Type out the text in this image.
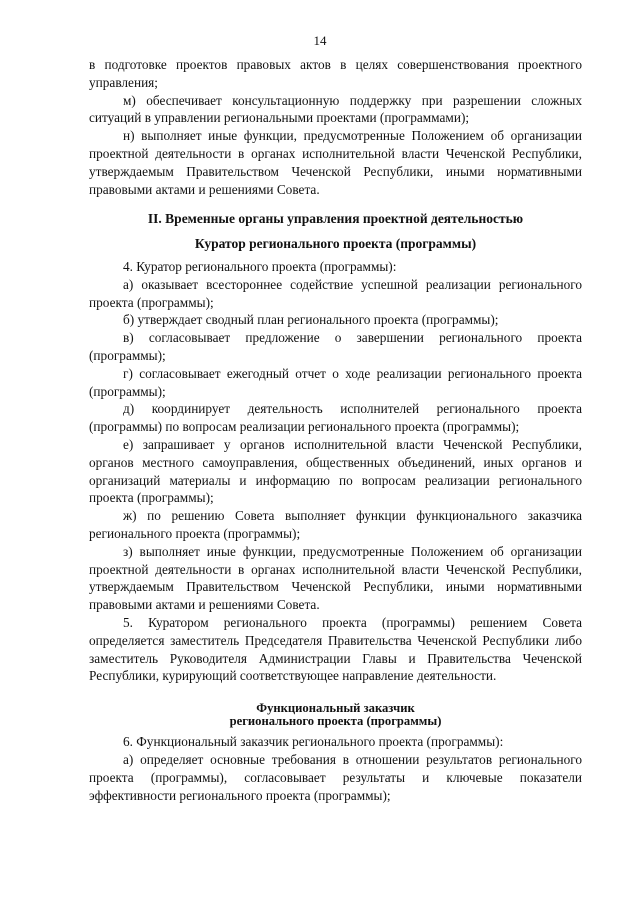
14

в подготовке проектов правовых актов в целях совершенствования проектного управления;

м) обеспечивает консультационную поддержку при разрешении сложных ситуаций в управлении региональными проектами (программами);

н) выполняет иные функции, предусмотренные Положением об организации проектной деятельности в органах исполнительной власти Чеченской Республики, утверждаемым Правительством Чеченской Республики, иными нормативными правовыми актами и решениями Совета.

II. Временные органы управления проектной деятельностью
Куратор регионального проекта (программы)

4. Куратор регионального проекта (программы):

а) оказывает всестороннее содействие успешной реализации регионального проекта (программы);

б) утверждает сводный план регионального проекта (программы);

в) согласовывает предложение о завершении регионального проекта (программы);

г) согласовывает ежегодный отчет о ходе реализации регионального проекта (программы);

д) координирует деятельность исполнителей регионального проекта (программы) по вопросам реализации регионального проекта (программы);

е) запрашивает у органов исполнительной власти Чеченской Республики, органов местного самоуправления, общественных объединений, иных органов и организаций материалы и информацию по вопросам реализации регионального проекта (программы);

ж) по решению Совета выполняет функции функционального заказчика регионального проекта (программы);

з) выполняет иные функции, предусмотренные Положением об организации проектной деятельности в органах исполнительной власти Чеченской Республики, утверждаемым Правительством Чеченской Республики, иными нормативными правовыми актами и решениями Совета.

5. Куратором регионального проекта (программы) решением Совета определяется заместитель Председателя Правительства Чеченской Республики либо заместитель Руководителя Администрации Главы и Правительства Чеченской Республики, курирующий соответствующее направление деятельности.

Функциональный заказчик
регионального проекта (программы)

6. Функциональный заказчик регионального проекта (программы):

а) определяет основные требования в отношении результатов регионального проекта (программы), согласовывает результаты и ключевые показатели эффективности регионального проекта (программы);
